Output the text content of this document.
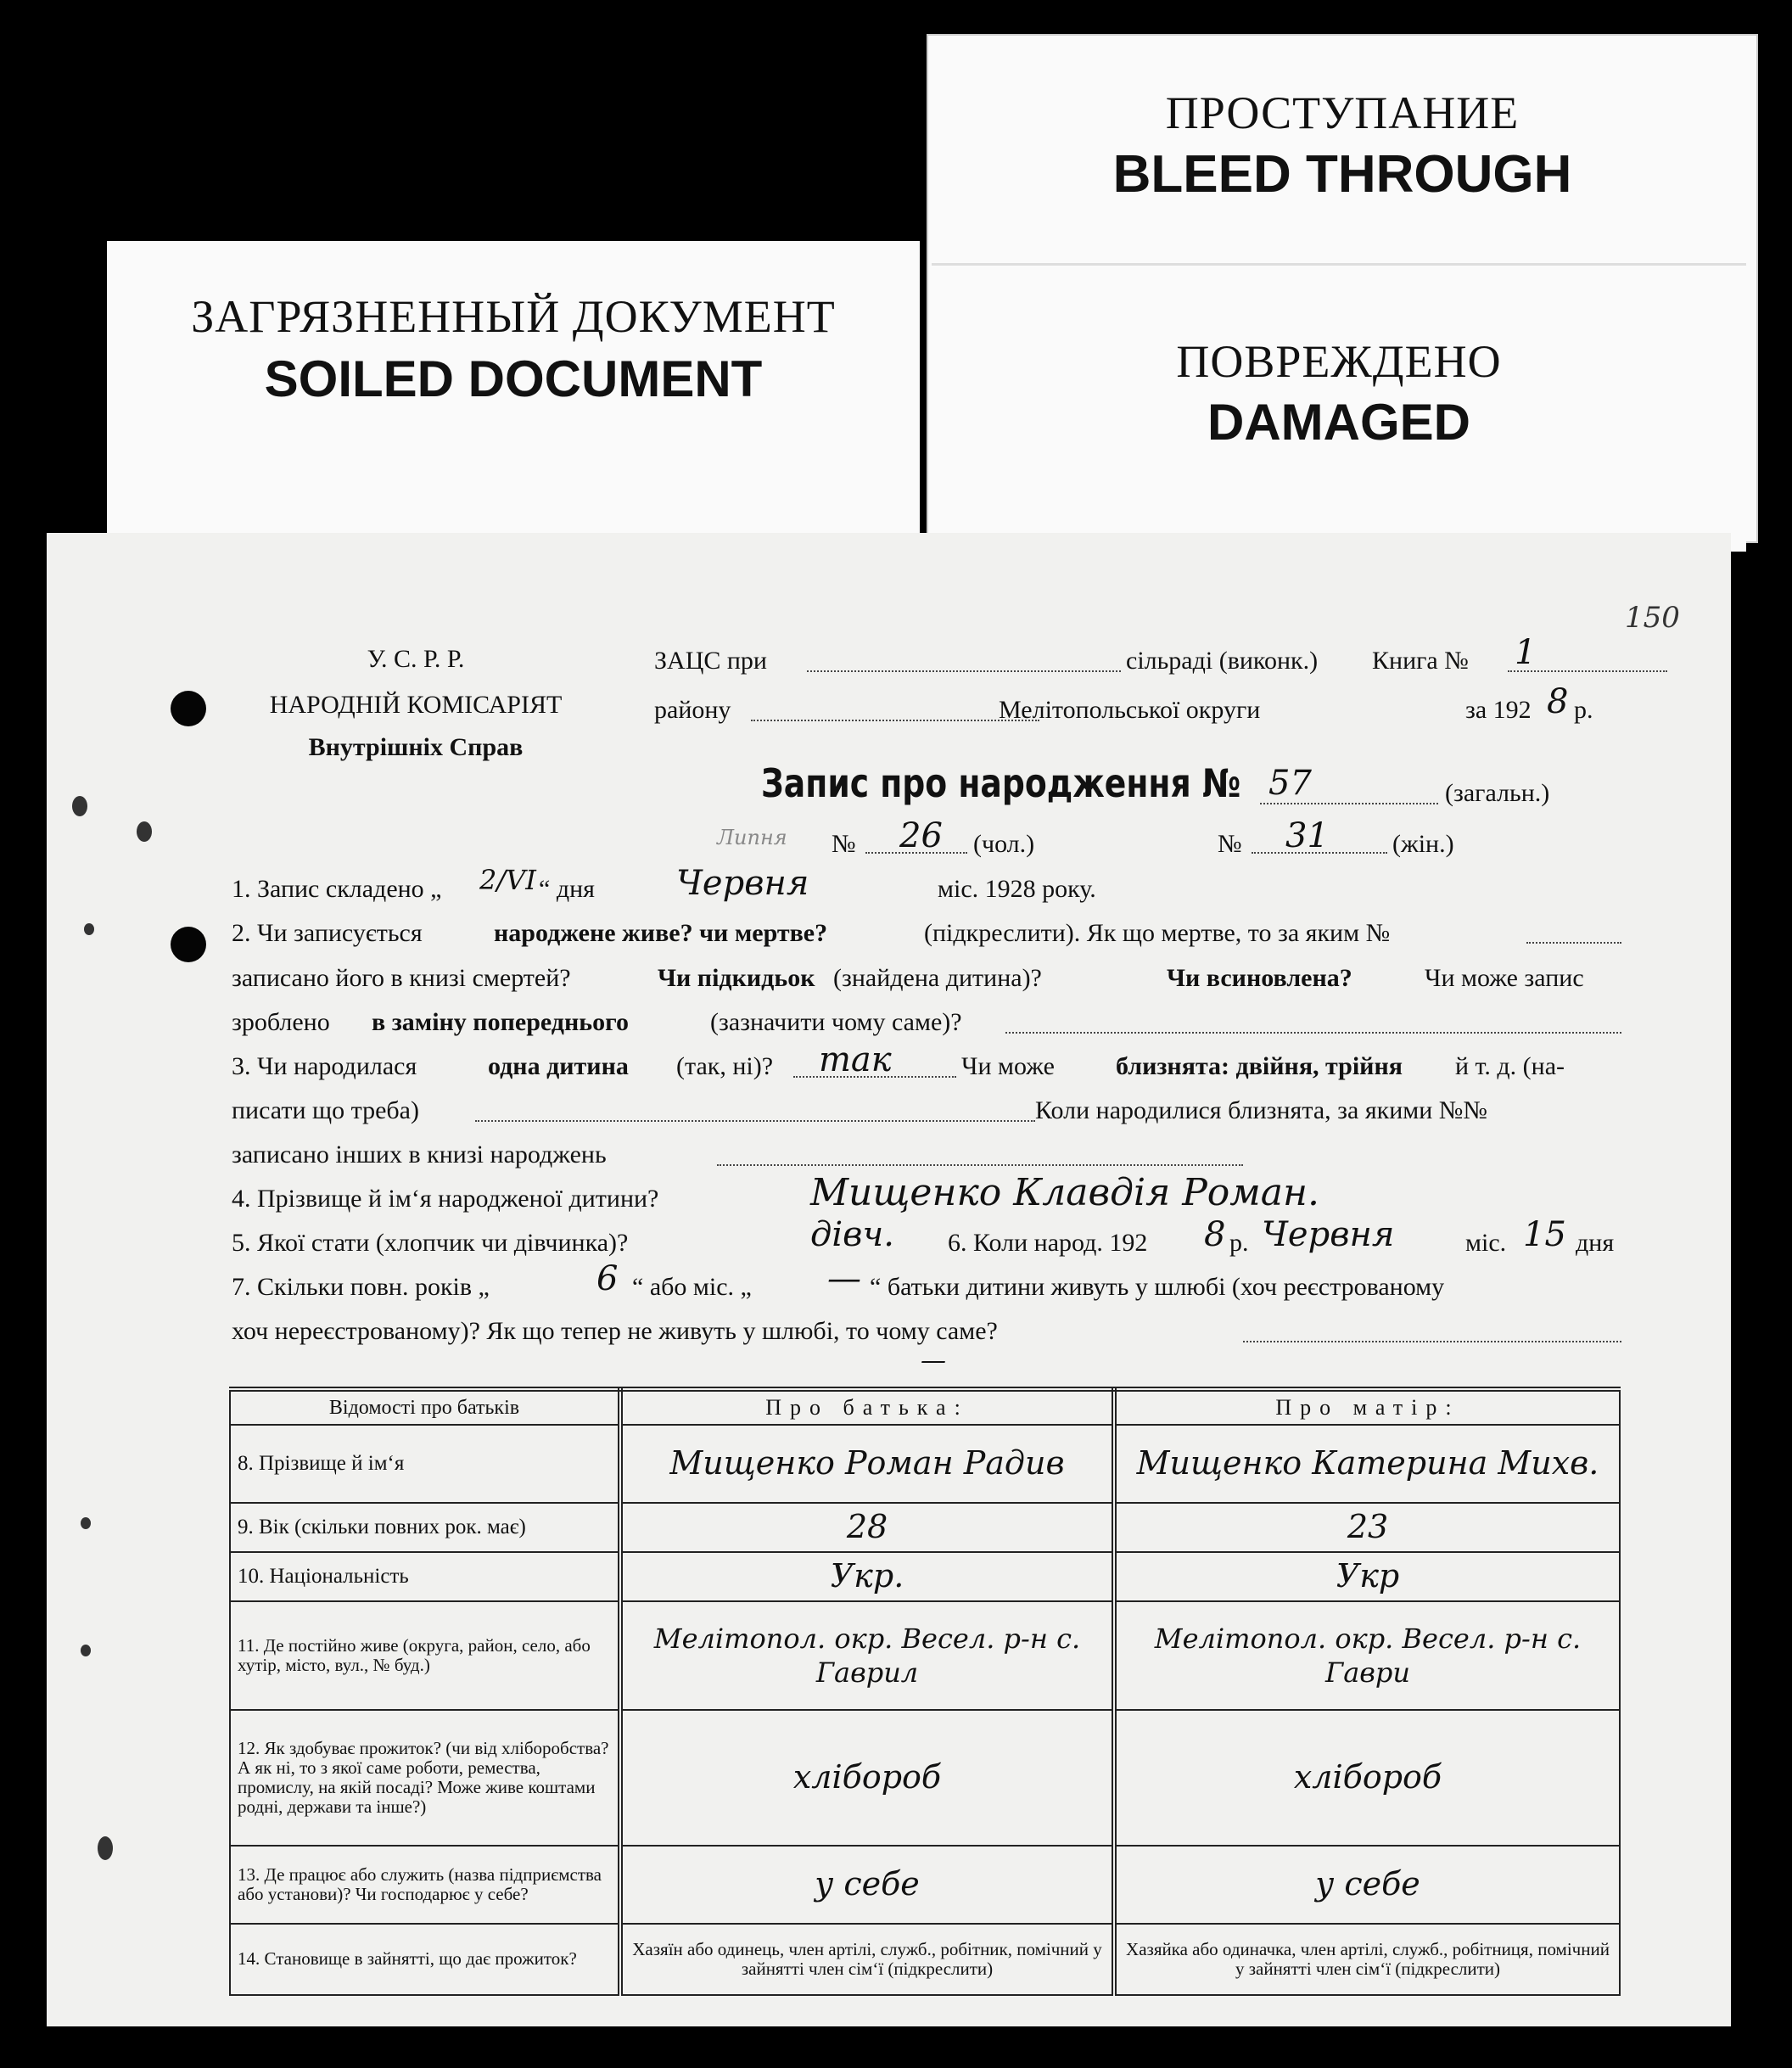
ПРОСТУПАНИЕ
BLEED THROUGH
ПОВРЕЖДЕНО
DAMAGED
ЗАГРЯЗНЕННЫЙ ДОКУМЕНТ
SOILED DOCUMENT
150
У. С. Р. Р.
НАРОДНІЙ КОМІСАРІЯТ
Внутрішніх Справ
ЗАЦС при	сільраді (виконк.) Книга № 1
району	Мелітопольської округи	за 192 8 р.
Запис про народження № 57	(загальн.)
Липня № 26 (чол.)	№ 31	(жін.)
1. Запис складено „ 2/VI “ дня Червня	міс. 1928 року.
2. Чи записується	народжене живе? чи мертве?	(підкреслити). Як що мертве, то за яким №
записано його в книзі смертей?	Чи підкидьок (знайдена дитина)?	Чи всиновлена?	Чи може запис
зроблено в заміну попереднього	(зазначити чому саме)?
3. Чи народилася	одна дитина (так, ні)? так	Чи може близнята: двійня, трійня й т. д. (на-
писати що треба)	Коли народилися близнята, за якими №№
записано інших в книзі народжень
4. Прізвище й ім‘я народженої дитини?	Мищенко Клавдія Роман.
5. Якої стати (хлопчик чи дівчинка)?	дівч. 6. Коли народ. 192 8 р. Червня	міс. 15 дня
7. Скільки повн. років „	6 “ або міс. „ — “ батьки дитини живуть у шлюбі (хоч реєстрованому
хоч нереєстрованому)? Як що тепер не живуть у шлюбі, то чому саме?
—
Відомості про батьків	Про батька:	Про матір:
8. Прізвище й ім‘я	Мищенко Роман Радив	Мищенко Катерина Михв.
9. Вік (скільки повних рок. має)	28	23
10. Національність	Укр.	Укр
11. Де постійно живе (округа, район, село, або хутір, місто, вул., № буд.)	Мелітопол. окр. Весел. р-н с. Гаврил	Мелітопол. окр. Весел. р-н с. Гаври
12. Як здобуває прожиток? (чи від хліборобства? А як ні, то з якої саме роботи, ремества, промислу, на якій посаді? Може живе коштами родні, держави та інше?)	хлібороб	хлібороб
13. Де працює або служить (назва підприємства або установи)? Чи господарює у себе?	у себе	у себе
14. Становище в зайнятті, що дає прожиток?	Хазяїн або одинець, член артілі, служб., робітник, помічний у зайнятті член сім‘ї (підкреслити)	Хазяйка або одиначка, член артілі, служб., робітниця, помічний у зайнятті член сім‘ї (підкреслити)
